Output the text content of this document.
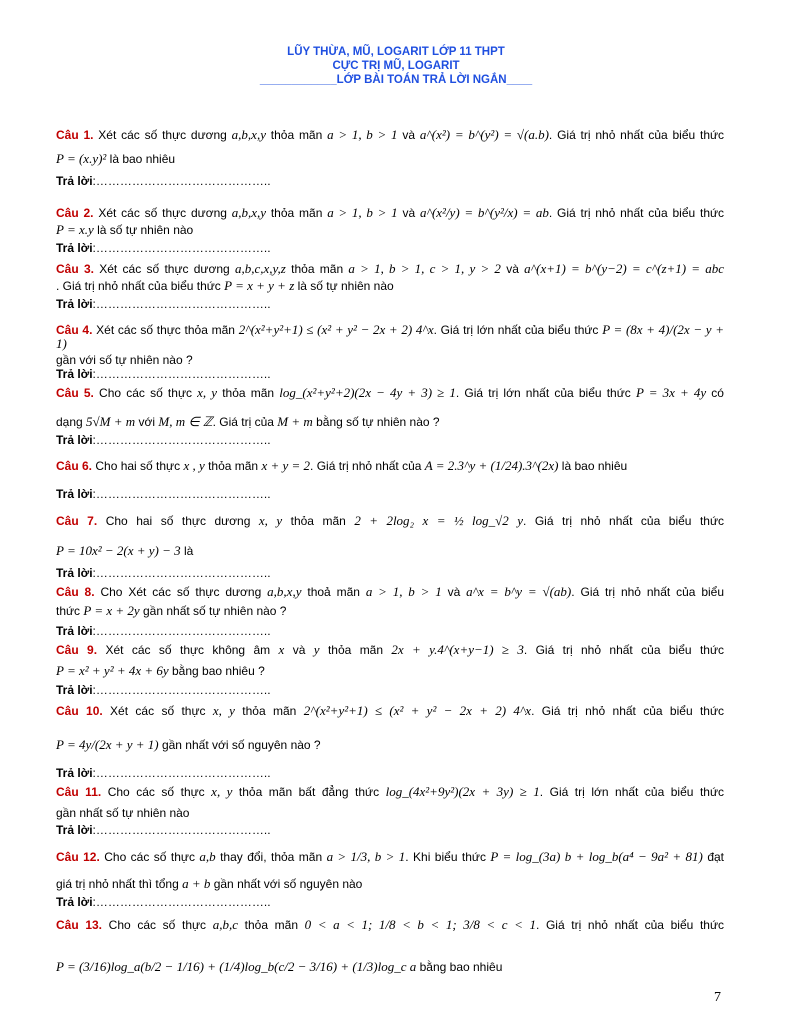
LŨY THỪA, MŨ, LOGARIT LỚP 11 THPT
CỰC TRỊ MŨ, LOGARIT
____________LỚP BÀI TOÁN TRẢ LỜI NGẮN____
Câu 1. Xét các số thực dương a,b,x,y thỏa mãn a > 1, b > 1 và a^(x²) = b^(y²) = √(a.b). Giá trị nhỏ nhất của biểu thức
P = (x.y)² là bao nhiêu
Trả lời:……………………………………..
Câu 2. Xét các số thực dương a,b,x,y thỏa mãn a > 1, b > 1 và a^(x²/y) = b^(y²/x) = ab. Giá trị nhỏ nhất của biểu thức
P = x.y là số tự nhiên nào
Trả lời:……………………………………..
Câu 3. Xét các số thực dương a,b,c,x,y,z thỏa mãn a > 1, b > 1, c > 1, y > 2 và a^(x+1) = b^(y−2) = c^(z+1) = abc
. Giá trị nhỏ nhất của biểu thức P = x + y + z là số tự nhiên nào
Trả lời:……………………………………..
Câu 4. Xét các số thực thỏa mãn 2^(x²+y²+1) ≤ (x² + y² − 2x + 2) 4^x. Giá trị lớn nhất của biểu thức P = (8x + 4)/(2x − y + 1)
gần với số tự nhiên nào ?
Trả lời:……………………………………..
Câu 5. Cho các số thực x, y thỏa mãn log_(x²+y²+2)(2x − 4y + 3) ≥ 1. Giá trị lớn nhất của biểu thức P = 3x + 4y có
dạng 5√M + m với M, m ∈ ℤ. Giá trị của M + m bằng số tự nhiên nào ?
Trả lời:……………………………………..
Câu 6. Cho hai số thực x , y thỏa mãn x + y = 2. Giá trị nhỏ nhất của A = 2.3^y + (1/24).3^(2x) là bao nhiêu
Trả lời:……………………………………..
Câu 7. Cho hai số thực dương x, y thỏa mãn 2 + 2log₂ x = ½ log_√2 y. Giá trị nhỏ nhất của biểu thức
P = 10x² − 2(x + y) − 3 là
Trả lời:……………………………………..
Câu 8. Cho Xét các số thực dương a,b,x,y thoả mãn a > 1, b > 1 và a^x = b^y = √(ab). Giá trị nhỏ nhất của biểu
thức P = x + 2y gần nhất số tự nhiên nào ?
Trả lời:……………………………………..
Câu 9. Xét các số thực không âm x và y thỏa mãn 2x + y.4^(x+y−1) ≥ 3. Giá trị nhỏ nhất của biểu thức
P = x² + y² + 4x + 6y bằng bao nhiêu ?
Trả lời:……………………………………..
Câu 10. Xét các số thực x, y thỏa mãn 2^(x²+y²+1) ≤ (x² + y² − 2x + 2) 4^x. Giá trị nhỏ nhất của biểu thức
P = 4y/(2x + y + 1) gần nhất với số nguyên nào ?
Trả lời:……………………………………..
Câu 11. Cho các số thực x, y thỏa mãn bất đẳng thức log_(4x²+9y²)(2x + 3y) ≥ 1. Giá trị lớn nhất của biểu thức
gần nhất số tự nhiên nào
Trả lời:……………………………………..
Câu 12. Cho các số thực a,b thay đổi, thỏa mãn a > 1/3, b > 1. Khi biểu thức P = log_(3a) b + log_b(a⁴ − 9a² + 81) đạt
giá trị nhỏ nhất thì tổng a + b gần nhất với số nguyên nào
Trả lời:……………………………………..
Câu 13. Cho các số thực a,b,c thỏa mãn 0 < a < 1; 1/8 < b < 1; 3/8 < c < 1. Giá trị nhỏ nhất của biểu thức
P = (3/16)log_a(b/2 − 1/16) + (1/4)log_b(c/2 − 3/16) + (1/3)log_c a bằng bao nhiêu
7
